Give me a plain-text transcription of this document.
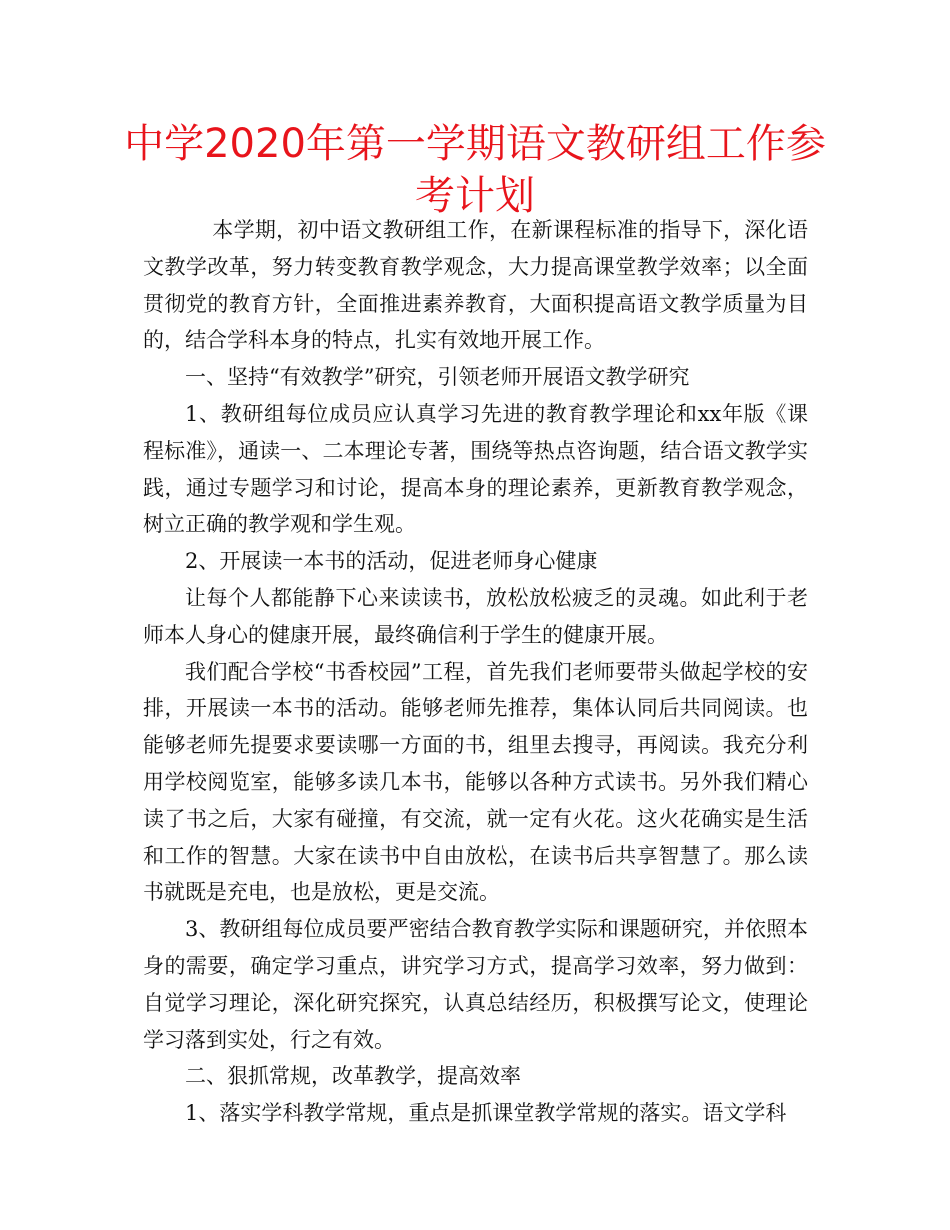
中学2020年第一学期语文教研组工作参考计划

本学期，初中语文教研组工作，在新课程标准的指导下，深化语文教学改革，努力转变教育教学观念，大力提高课堂教学效率；以全面贯彻党的教育方针，全面推进素养教育，大面积提高语文教学质量为目的，结合学科本身的特点，扎实有效地开展工作。

一、坚持“有效教学”研究，引领老师开展语文教学研究

1、教研组每位成员应认真学习先进的教育教学理论和xx年版《课程标准》，通读一、二本理论专著，围绕等热点咨询题，结合语文教学实践，通过专题学习和讨论，提高本身的理论素养，更新教育教学观念，树立正确的教学观和学生观。

2、开展读一本书的活动，促进老师身心健康

让每个人都能静下心来读读书，放松放松疲乏的灵魂。如此利于老师本人身心的健康开展，最终确信利于学生的健康开展。

我们配合学校“书香校园”工程，首先我们老师要带头做起学校的安排，开展读一本书的活动。能够老师先推荐，集体认同后共同阅读。也能够老师先提要求要读哪一方面的书，组里去搜寻，再阅读。我充分利用学校阅览室，能够多读几本书，能够以各种方式读书。另外我们精心读了书之后，大家有碰撞，有交流，就一定有火花。这火花确实是生活和工作的智慧。大家在读书中自由放松，在读书后共享智慧了。那么读书就既是充电，也是放松，更是交流。

3、教研组每位成员要严密结合教育教学实际和课题研究，并依照本身的需要，确定学习重点，讲究学习方式，提高学习效率，努力做到：自觉学习理论，深化研究探究，认真总结经历，积极撰写论文，使理论学习落到实处，行之有效。

二、狠抓常规，改革教学，提高效率

1、落实学科教学常规，重点是抓课堂教学常规的落实。语文学科
